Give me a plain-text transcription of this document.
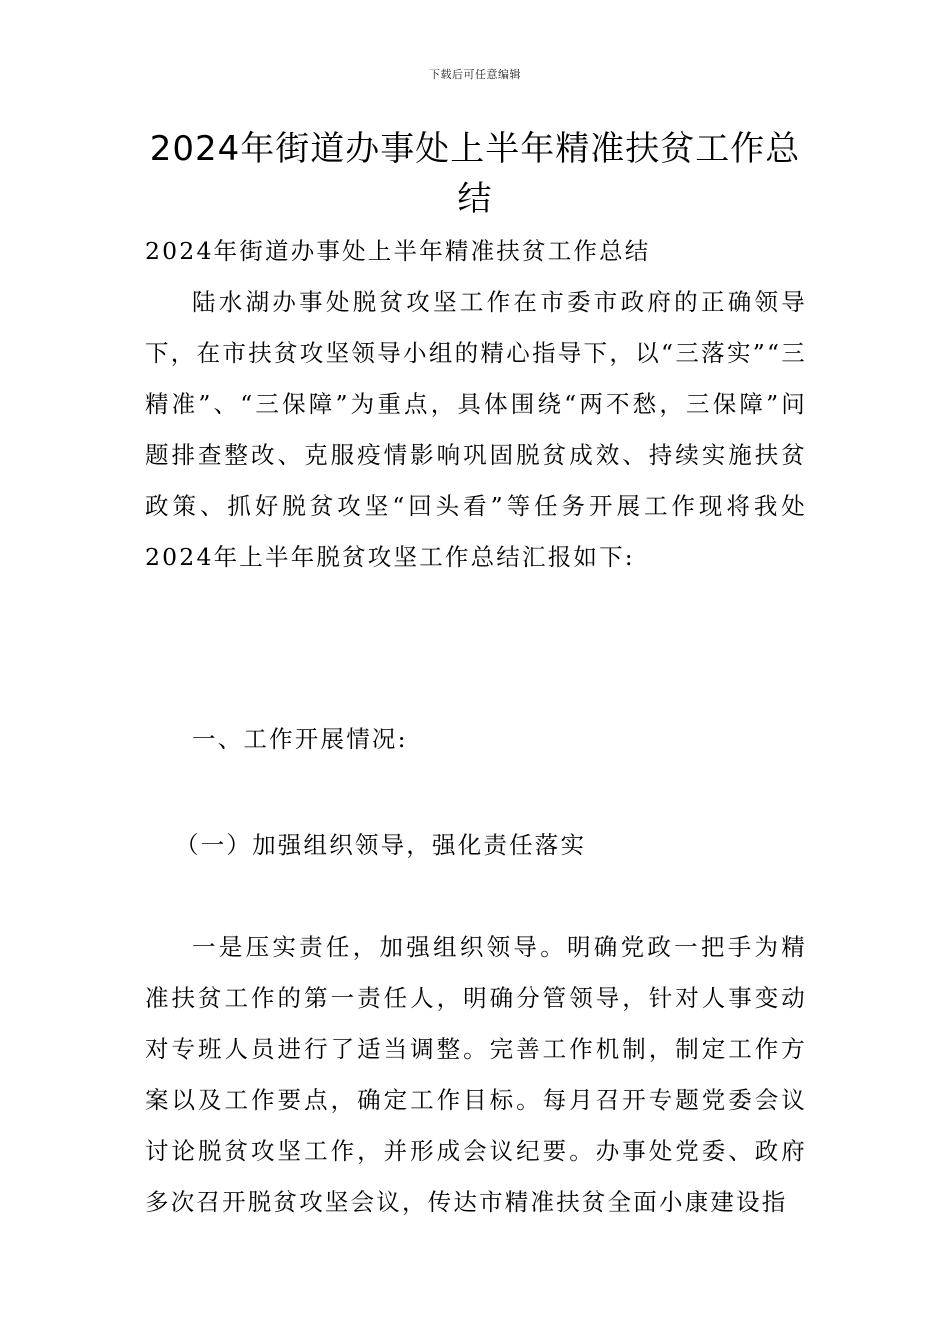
下载后可任意编辑
2024年街道办事处上半年精准扶贫工作总结

2024年街道办事处上半年精准扶贫工作总结

陆水湖办事处脱贫攻坚工作在市委市政府的正确领导下，在市扶贫攻坚领导小组的精心指导下，以“三落实”“三精准”、“三保障”为重点，具体围绕“两不愁，三保障”问题排查整改、克服疫情影响巩固脱贫成效、持续实施扶贫政策、抓好脱贫攻坚“回头看”等任务开展工作现将我处2024年上半年脱贫攻坚工作总结汇报如下:

一、工作开展情况:

（一）加强组织领导，强化责任落实

一是压实责任，加强组织领导。明确党政一把手为精准扶贫工作的第一责任人，明确分管领导，针对人事变动对专班人员进行了适当调整。完善工作机制，制定工作方案以及工作要点，确定工作目标。每月召开专题党委会议讨论脱贫攻坚工作，并形成会议纪要。办事处党委、政府多次召开脱贫攻坚会议，传达市精准扶贫全面小康建设指
